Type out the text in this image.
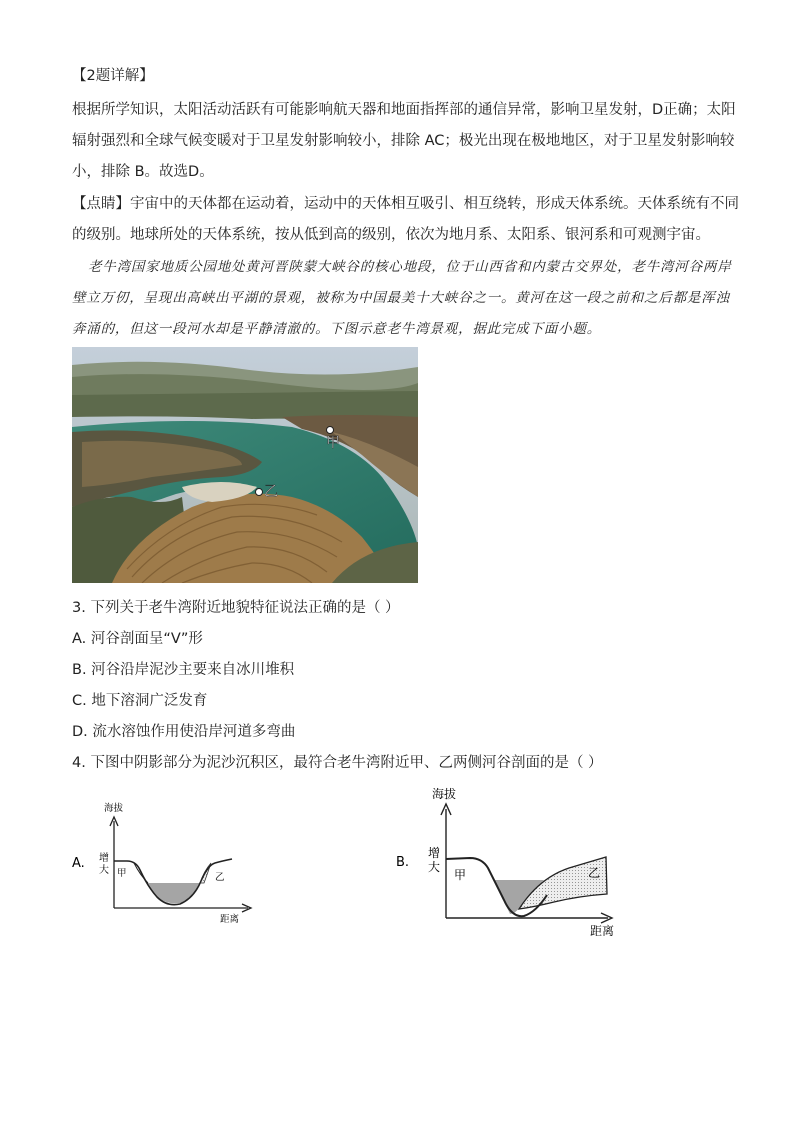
【2题详解】
根据所学知识，太阳活动活跃有可能影响航天器和地面指挥部的通信异常，影响卫星发射，D正确；太阳
辐射强烈和全球气候变暖对于卫星发射影响较小，排除 AC；极光出现在极地地区，对于卫星发射影响较
小，排除 B。故选D。
【点睛】宇宙中的天体都在运动着，运动中的天体相互吸引、相互绕转，形成天体系统。天体系统有不同
的级别。地球所处的天体系统，按从低到高的级别，依次为地月系、太阳系、银河系和可观测宇宙。
老牛湾国家地质公园地处黄河晋陕蒙大峡谷的核心地段，位于山西省和内蒙古交界处，老牛湾河谷两岸
壁立万仞，呈现出高峡出平湖的景观，被称为中国最美十大峡谷之一。黄河在这一段之前和之后都是浑浊
奔涌的，但这一段河水却是平静清澈的。下图示意老牛湾景观，据此完成下面小题。
甲
乙
3. 下列关于老牛湾附近地貌特征说法正确的是（ ）
A. 河谷剖面呈“V”形
B. 河谷沿岸泥沙主要来自冰川堆积
C. 地下溶洞广泛发育
D. 流水溶蚀作用使沿岸河道多弯曲
4. 下图中阴影部分为泥沙沉积区，最符合老牛湾附近甲、乙两侧河谷剖面的是（ ）
A.
海拔
增
大
距离
甲	乙
B.
海拔
增
大
距离
甲	乙
